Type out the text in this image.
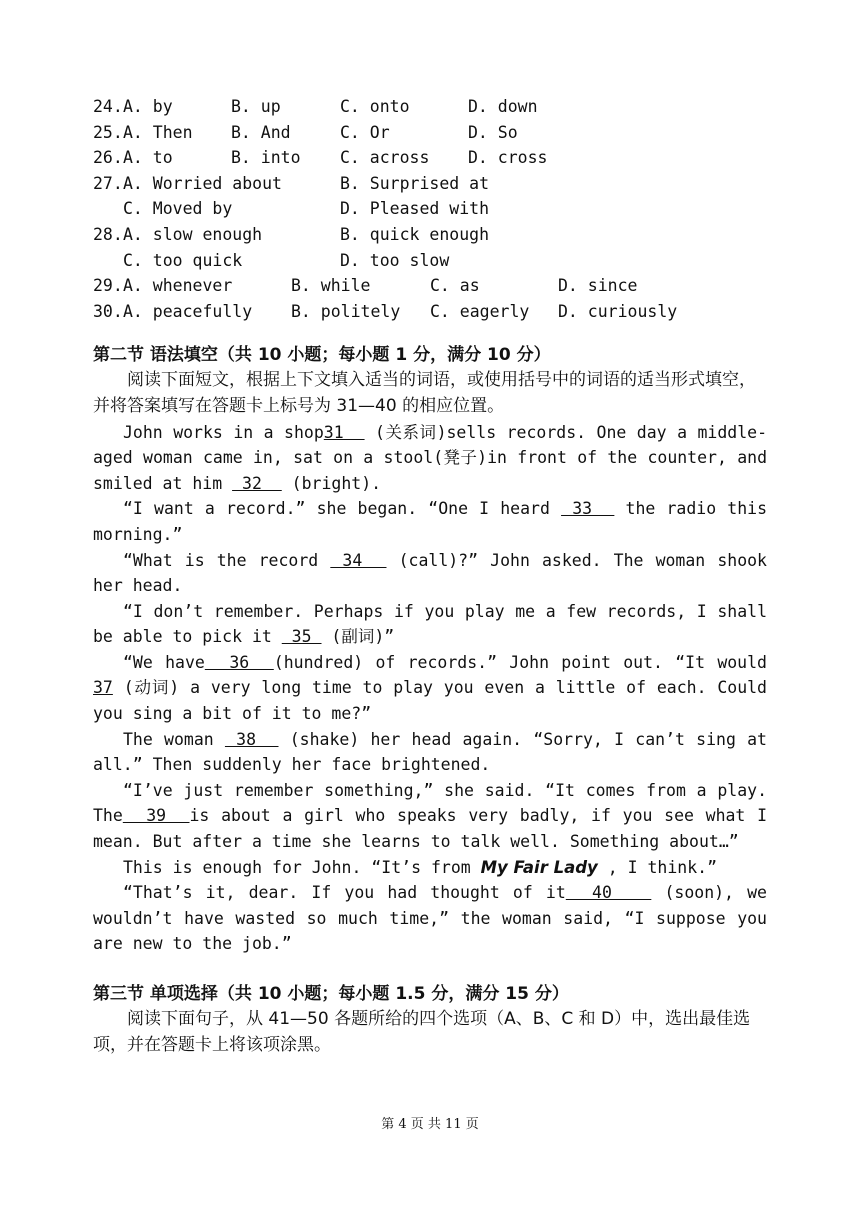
24. A. by	B. up	C. onto	D. down
25. A. Then B. And	C. Or	D. So
26. A. to	B. into C. across D. cross
27. A. Worried about	B. Surprised at
C. Moved by	D. Pleased with
28. A. slow enough	B. quick enough
C. too quick	D. too slow
29. A. whenever	B. while	C. as	D. since
30. A. peacefully B. politely C. eagerly D. curiously
第二节 语法填空（共 10 小题；每小题 1 分，满分 10 分）

阅读下面短文，根据上下文填入适当的词语，或使用括号中的词语的适当形式填空，并将答案填写在答题卡上标号为 31—40 的相应位置。

John works in a shop31   (关系词)sells records. One day a middle-aged woman came in, sat on a stool(凳子)in front of the counter, and smiled at him  32   (bright).

“I want a record.” she began. “One I heard  33   the radio this morning.”

“What is the record  34   (call)?” John asked. The woman shook her head.

“I don’t remember. Perhaps if you play me a few records, I shall be able to pick it  35  (副词)”

“We have  36  (hundred) of records.” John point out. “It would 37 (动词) a very long time to play you even a little of each. Could you sing a bit of it to me?”

The woman  38   (shake) her head again. “Sorry, I can’t sing at all.” Then suddenly her face brightened.

“I’ve just remember something,” she said. “It comes from a play. The  39  is about a girl who speaks very badly, if you see what I mean. But after a time she learns to talk well. Something about…”

This is enough for John. “It’s from My Fair Lady , I think.”

“That’s it, dear. If you had thought of it  40    (soon), we wouldn’t have wasted so much time,” the woman said, “I suppose you are new to the job.”

第三节 单项选择（共 10 小题；每小题 1.5 分，满分 15 分）

阅读下面句子，从 41—50 各题所给的四个选项（A、B、C 和 D）中，选出最佳选项，并在答题卡上将该项涂黑。

第 4 页 共 11 页
